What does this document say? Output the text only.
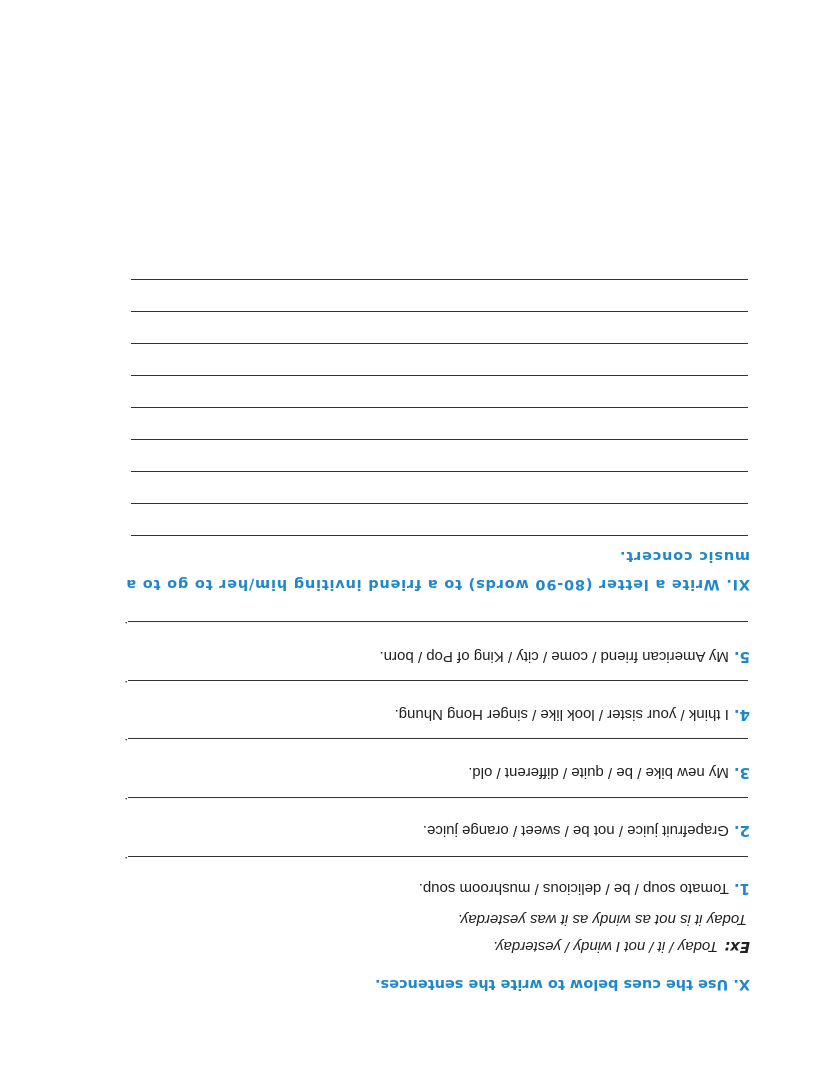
X. Use the cues below to write the sentences.
Ex:Today / it / not I windy / yesterday.
Today it is not as windy as it was yesterday.
1.Tomato soup / be / delicious / mushroom soup.
.
2.Grapefruit juice / not be / sweet / orange juice.
.
3.My new bike / be / quite / different / old.
.
4.I think / your sister / look like / singer Hong Nhung.
.
5.My American friend / come / city / King of Pop / born.
.
XI. Write a letter (80-90 words) to a friend inviting him/her to go to a music concert.
